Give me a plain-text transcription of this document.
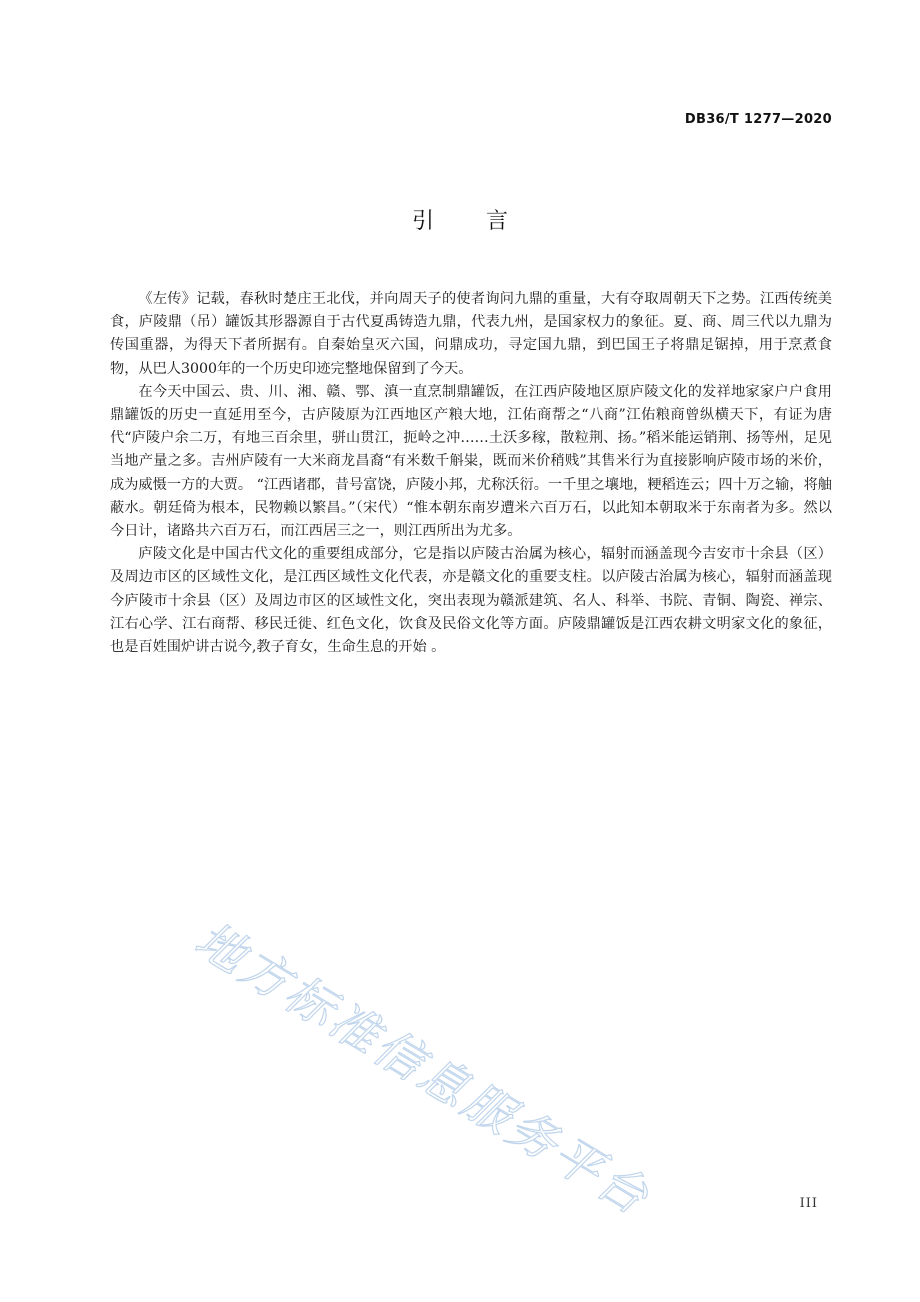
DB36/T 1277—2020
引言

《左传》记载，春秋时楚庄王北伐，并向周天子的使者询问九鼎的重量，大有夺取周朝天下之势。江西传统美食，庐陵鼎（吊）罐饭其形器源自于古代夏禹铸造九鼎，代表九州，是国家权力的象征。夏、商、周三代以九鼎为传国重器，为得天下者所据有。自秦始皇灭六国，问鼎成功，寻定国九鼎，到巴国王子将鼎足锯掉，用于烹煮食物，从巴人3000年的一个历史印迹完整地保留到了今天。

在今天中国云、贵、川、湘、赣、鄂、滇一直烹制鼎罐饭，在江西庐陵地区原庐陵文化的发祥地家家户户食用鼎罐饭的历史一直延用至今，古庐陵原为江西地区产粮大地，江佑商帮之“八商”江佑粮商曾纵横天下，有证为唐代“庐陵户余二万，有地三百余里，骈山贯江，扼岭之冲……土沃多稼，散粒荆、扬。”稻米能运销荆、扬等州，足见当地产量之多。吉州庐陵有一大米商龙昌裔“有米数千斛粜，既而米价稍贱”其售米行为直接影响庐陵市场的米价，成为威慑一方的大贾。 “江西诸郡，昔号富饶，庐陵小邦，尤称沃衍。一千里之壤地，粳稻连云；四十万之输，将舳蔽水。朝廷倚为根本，民物赖以繁昌。”（宋代）“惟本朝东南岁遭米六百万石，以此知本朝取米于东南者为多。然以今日计，诸路共六百万石，而江西居三之一，则江西所出为尤多。

庐陵文化是中国古代文化的重要组成部分，它是指以庐陵古治属为核心，辐射而涵盖现今吉安市十余县（区）及周边市区的区域性文化，是江西区域性文化代表，亦是赣文化的重要支柱。以庐陵古治属为核心，辐射而涵盖现今庐陵市十余县（区）及周边市区的区域性文化，突出表现为赣派建筑、名人、科举、书院、青铜、陶瓷、禅宗、江右心学、江右商帮、移民迁徙、红色文化，饮食及民俗文化等方面。庐陵鼎罐饭是江西农耕文明家文化的象征，也是百姓围炉讲古说今,教子育女，生命生息的开始 。

地方标准信息服务平台	III
